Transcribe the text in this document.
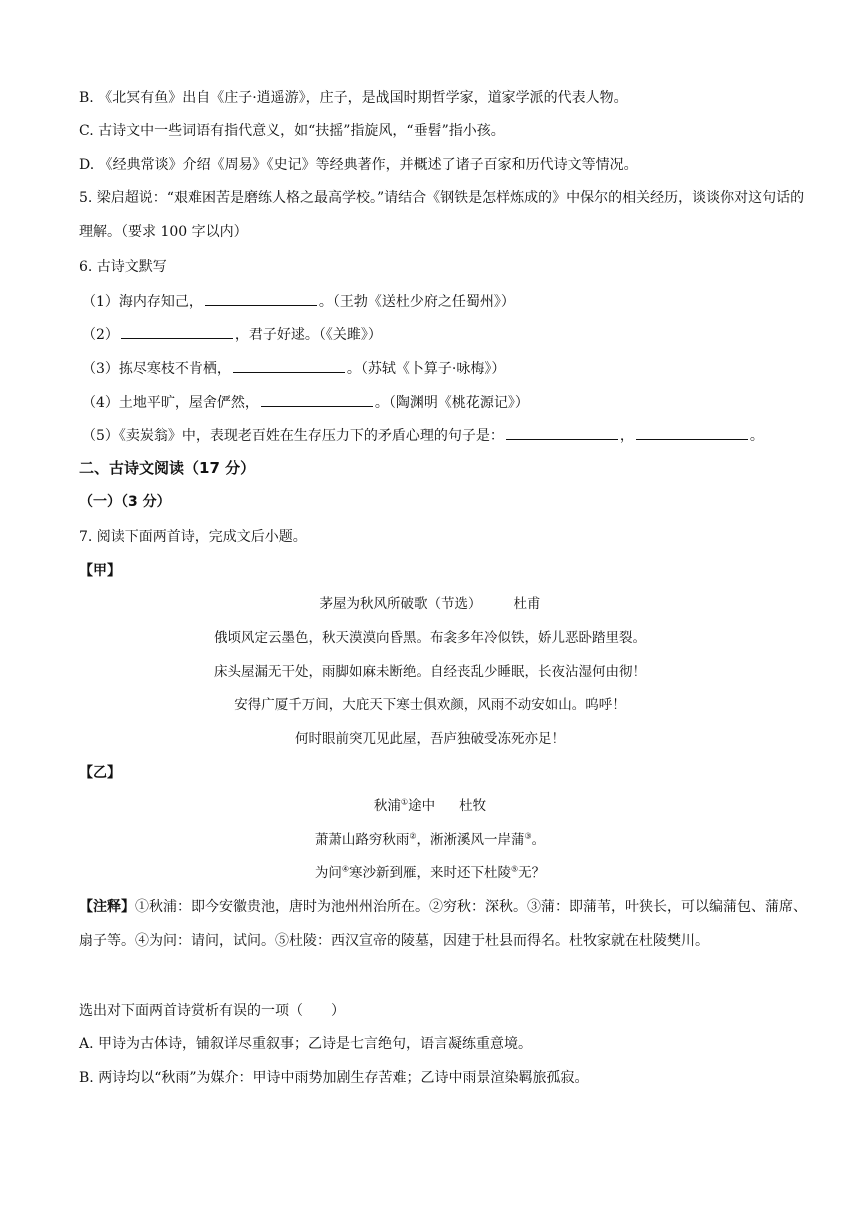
B. 《北冥有鱼》出自《庄子·逍遥游》，庄子，是战国时期哲学家，道家学派的代表人物。
C. 古诗文中一些词语有指代意义，如“扶摇”指旋风，“垂髫”指小孩。
D. 《经典常谈》介绍《周易》《史记》等经典著作，并概述了诸子百家和历代诗文等情况。
5. 梁启超说：“艰难困苦是磨练人格之最高学校。”请结合《钢铁是怎样炼成的》中保尔的相关经历，谈谈你对这句话的理解。（要求 100 字以内）
6. 古诗文默写
（1）海内存知己，	。（王勃《送杜少府之任蜀州》）
（2）	，君子好逑。（《关雎》）
（3）拣尽寒枝不肯栖，	。（苏轼《卜算子·咏梅》）
（4）土地平旷，屋舍俨然，	。（陶渊明《桃花源记》）
（5）《卖炭翁》中，表现老百姓在生存压力下的矛盾心理的句子是：	，	。
二、古诗文阅读（17 分）
（一）（3 分）
7. 阅读下面两首诗，完成文后小题。
【甲】
茅屋为秋风所破歌（节选） 杜甫
俄顷风定云墨色，秋天漠漠向昏黑。布衾多年冷似铁，娇儿恶卧踏里裂。
床头屋漏无干处，雨脚如麻未断绝。自经丧乱少睡眠，长夜沾湿何由彻！
安得广厦千万间，大庇天下寒士俱欢颜，风雨不动安如山。呜呼！
何时眼前突兀见此屋，吾庐独破受冻死亦足！
【乙】
秋浦①途中 杜牧
萧萧山路穷秋雨②，淅淅溪风一岸蒲③。
为问④寒沙新到雁，来时还下杜陵⑤无？
【注释】①秋浦：即今安徽贵池，唐时为池州州治所在。②穷秋：深秋。③蒲：即蒲苇，叶狭长，可以编蒲包、蒲席、扇子等。④为问：请问，试问。⑤杜陵：西汉宣帝的陵墓，因建于杜县而得名。杜牧家就在杜陵樊川。
选出对下面两首诗赏析有误的一项（　　）
A. 甲诗为古体诗，铺叙详尽重叙事；乙诗是七言绝句，语言凝练重意境。
B. 两诗均以“秋雨”为媒介：甲诗中雨势加剧生存苦难；乙诗中雨景渲染羁旅孤寂。
